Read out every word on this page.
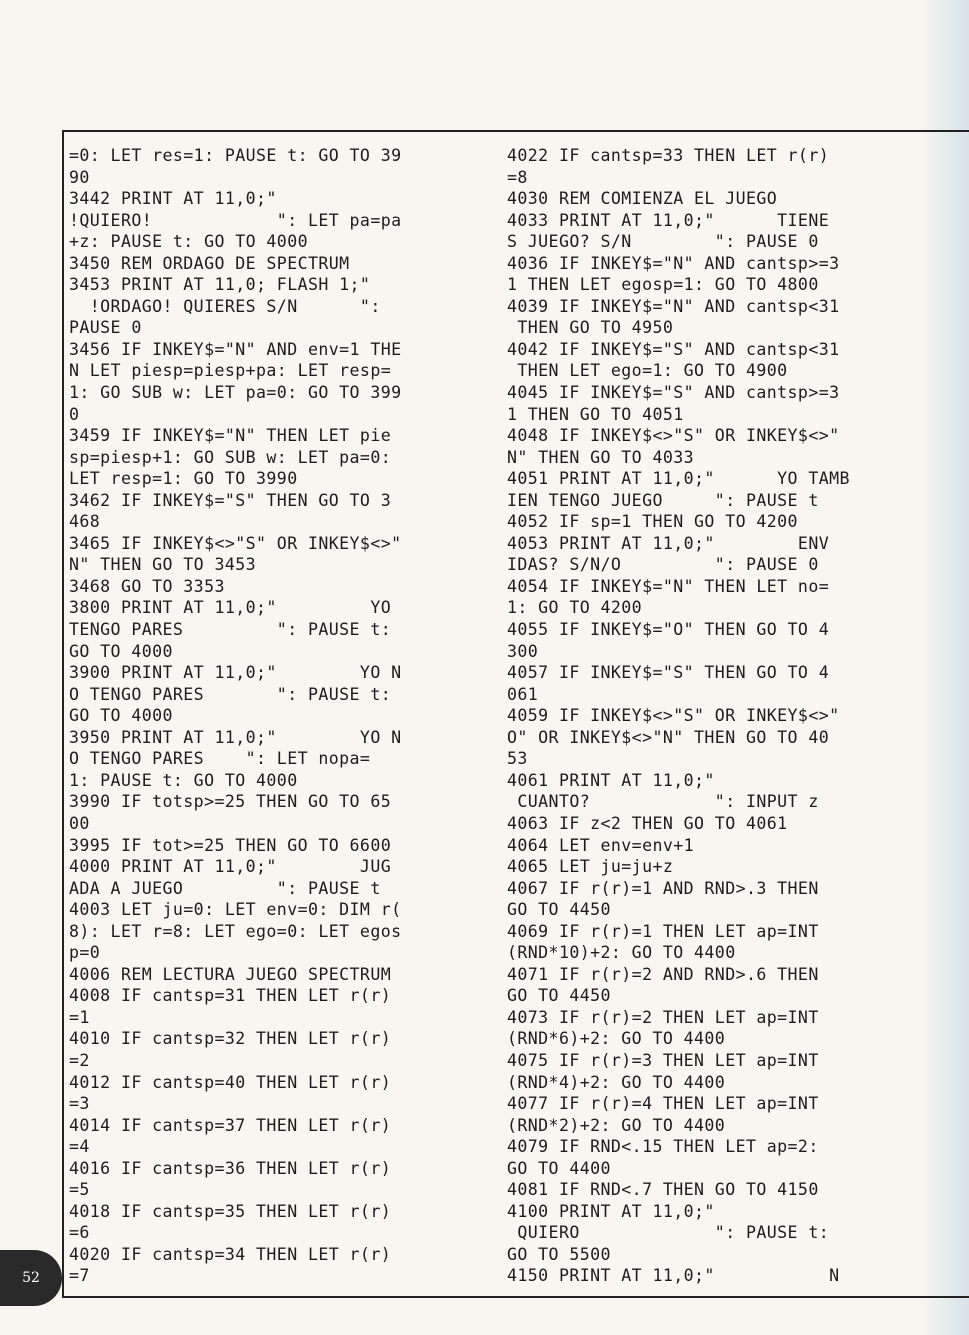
=0: LET res=1: PAUSE t: GO TO 39
90
3442 PRINT AT 11,0;"
!QUIERO!            ": LET pa=pa
+z: PAUSE t: GO TO 4000
3450 REM ORDAGO DE SPECTRUM
3453 PRINT AT 11,0; FLASH 1;"
!ORDAGO! QUIERES S/N      ":
PAUSE 0
3456 IF INKEY$="N" AND env=1 THE
N LET piesp=piesp+pa: LET resp=
1: GO SUB w: LET pa=0: GO TO 399
0
3459 IF INKEY$="N" THEN LET pie
sp=piesp+1: GO SUB w: LET pa=0:
LET resp=1: GO TO 3990
3462 IF INKEY$="S" THEN GO TO 3
468
3465 IF INKEY$<>"S" OR INKEY$<>"
N" THEN GO TO 3453
3468 GO TO 3353
3800 PRINT AT 11,0;"         YO
TENGO PARES         ": PAUSE t:
GO TO 4000
3900 PRINT AT 11,0;"        YO N
O TENGO PARES       ": PAUSE t:
GO TO 4000
3950 PRINT AT 11,0;"        YO N
O TENGO PARES    ": LET nopa=
1: PAUSE t: GO TO 4000
3990 IF totsp>=25 THEN GO TO 65
00
3995 IF tot>=25 THEN GO TO 6600
4000 PRINT AT 11,0;"        JUG
ADA A JUEGO         ": PAUSE t
4003 LET ju=0: LET env=0: DIM r(
8): LET r=8: LET ego=0: LET egos
p=0
4006 REM LECTURA JUEGO SPECTRUM
4008 IF cantsp=31 THEN LET r(r)
=1
4010 IF cantsp=32 THEN LET r(r)
=2
4012 IF cantsp=40 THEN LET r(r)
=3
4014 IF cantsp=37 THEN LET r(r)
=4
4016 IF cantsp=36 THEN LET r(r)
=5
4018 IF cantsp=35 THEN LET r(r)
=6
4020 IF cantsp=34 THEN LET r(r)
=7
4022 IF cantsp=33 THEN LET r(r)
=8
4030 REM COMIENZA EL JUEGO
4033 PRINT AT 11,0;"      TIENE
S JUEGO? S/N        ": PAUSE 0
4036 IF INKEY$="N" AND cantsp>=3
1 THEN LET egosp=1: GO TO 4800
4039 IF INKEY$="N" AND cantsp<31
THEN GO TO 4950
4042 IF INKEY$="S" AND cantsp<31
THEN LET ego=1: GO TO 4900
4045 IF INKEY$="S" AND cantsp>=3
1 THEN GO TO 4051
4048 IF INKEY$<>"S" OR INKEY$<>"
N" THEN GO TO 4033
4051 PRINT AT 11,0;"      YO TAMB
IEN TENGO JUEGO     ": PAUSE t
4052 IF sp=1 THEN GO TO 4200
4053 PRINT AT 11,0;"        ENV
IDAS? S/N/O         ": PAUSE 0
4054 IF INKEY$="N" THEN LET no=
1: GO TO 4200
4055 IF INKEY$="O" THEN GO TO 4
300
4057 IF INKEY$="S" THEN GO TO 4
061
4059 IF INKEY$<>"S" OR INKEY$<>"
O" OR INKEY$<>"N" THEN GO TO 40
53
4061 PRINT AT 11,0;"
CUANTO?            ": INPUT z
4063 IF z<2 THEN GO TO 4061
4064 LET env=env+1
4065 LET ju=ju+z
4067 IF r(r)=1 AND RND>.3 THEN
GO TO 4450
4069 IF r(r)=1 THEN LET ap=INT
(RND*10)+2: GO TO 4400
4071 IF r(r)=2 AND RND>.6 THEN
GO TO 4450
4073 IF r(r)=2 THEN LET ap=INT
(RND*6)+2: GO TO 4400
4075 IF r(r)=3 THEN LET ap=INT
(RND*4)+2: GO TO 4400
4077 IF r(r)=4 THEN LET ap=INT
(RND*2)+2: GO TO 4400
4079 IF RND<.15 THEN LET ap=2:
GO TO 4400
4081 IF RND<.7 THEN GO TO 4150
4100 PRINT AT 11,0;"
QUIERO             ": PAUSE t:
GO TO 5500
4150 PRINT AT 11,0;"           N
52
